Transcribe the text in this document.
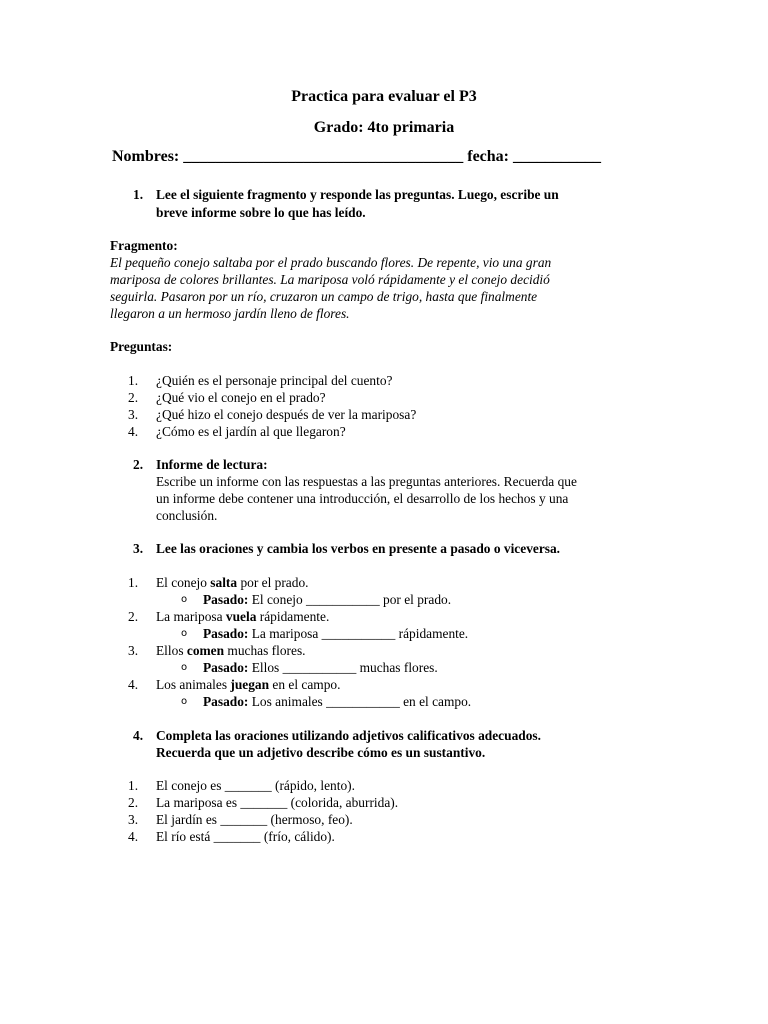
Practica para evaluar el P3
Grado: 4to primaria
Nombres: ___________________________________ fecha: ___________
1. Lee el siguiente fragmento y responde las preguntas. Luego, escribe un
breve informe sobre lo que has leído.
Fragmento:
El pequeño conejo saltaba por el prado buscando flores. De repente, vio una gran
mariposa de colores brillantes. La mariposa voló rápidamente y el conejo decidió
seguirla. Pasaron por un río, cruzaron un campo de trigo, hasta que finalmente
llegaron a un hermoso jardín lleno de flores.
Preguntas:
1. ¿Quién es el personaje principal del cuento?
2. ¿Qué vio el conejo en el prado?
3. ¿Qué hizo el conejo después de ver la mariposa?
4. ¿Cómo es el jardín al que llegaron?
2. Informe de lectura:
Escribe un informe con las respuestas a las preguntas anteriores. Recuerda que
un informe debe contener una introducción, el desarrollo de los hechos y una
conclusión.
3. Lee las oraciones y cambia los verbos en presente a pasado o viceversa.
1. El conejo salta por el prado.
o Pasado: El conejo ___________ por el prado.
2. La mariposa vuela rápidamente.
o Pasado: La mariposa ___________ rápidamente.
3. Ellos comen muchas flores.
o Pasado: Ellos ___________ muchas flores.
4. Los animales juegan en el campo.
o Pasado: Los animales ___________ en el campo.
4. Completa las oraciones utilizando adjetivos calificativos adecuados.
Recuerda que un adjetivo describe cómo es un sustantivo.
1. El conejo es _______ (rápido, lento).
2. La mariposa es _______ (colorida, aburrida).
3. El jardín es _______ (hermoso, feo).
4. El río está _______ (frío, cálido).
